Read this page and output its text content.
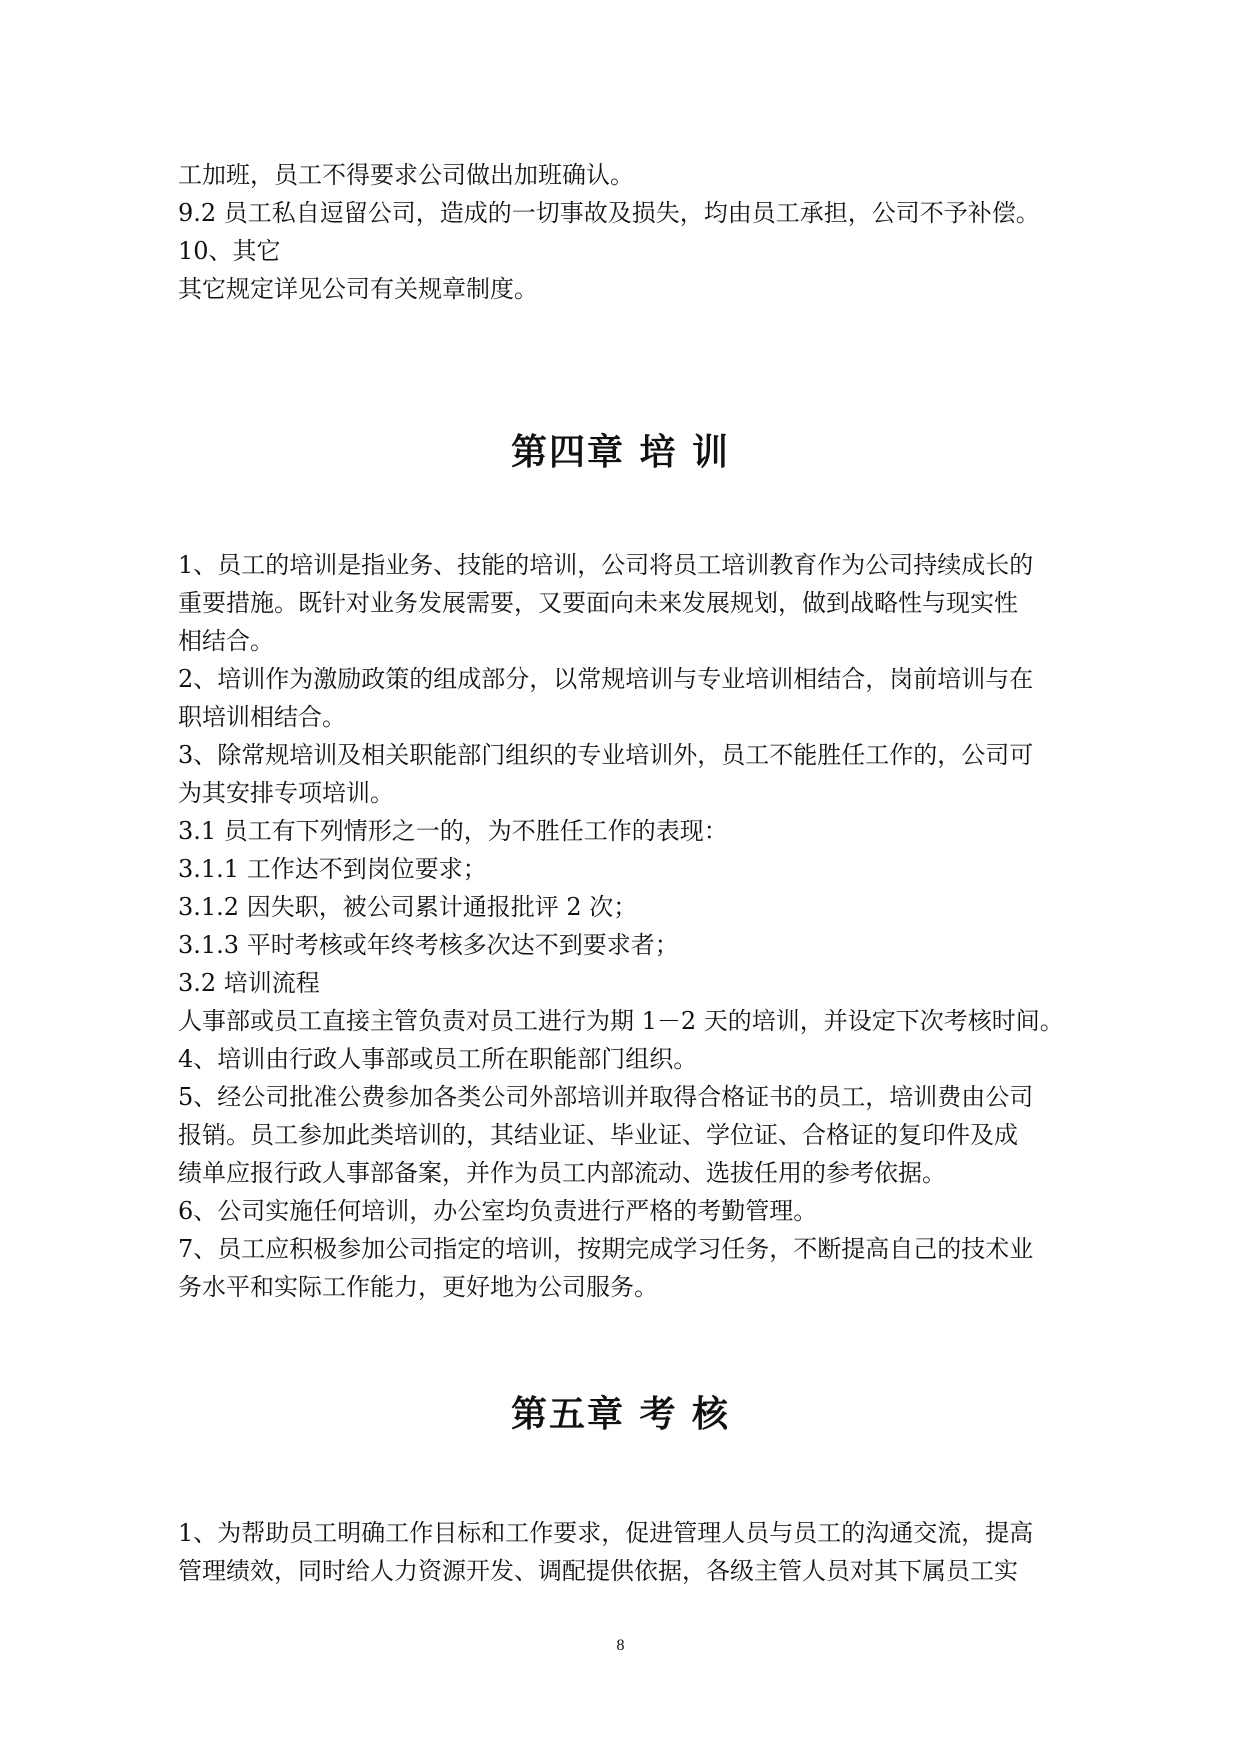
工加班，员工不得要求公司做出加班确认。

9.2 员工私自逗留公司，造成的一切事故及损失，均由员工承担，公司不予补偿。

10、其它

其它规定详见公司有关规章制度。

第四章 培 训

1、员工的培训是指业务、技能的培训，公司将员工培训教育作为公司持续成长的

重要措施。既针对业务发展需要，又要面向未来发展规划，做到战略性与现实性

相结合。

2、培训作为激励政策的组成部分，以常规培训与专业培训相结合，岗前培训与在

职培训相结合。

3、除常规培训及相关职能部门组织的专业培训外，员工不能胜任工作的，公司可

为其安排专项培训。

3.1 员工有下列情形之一的，为不胜任工作的表现：

3.1.1 工作达不到岗位要求；

3.1.2 因失职，被公司累计通报批评 2 次；

3.1.3 平时考核或年终考核多次达不到要求者；

3.2 培训流程

人事部或员工直接主管负责对员工进行为期 1－2 天的培训，并设定下次考核时间。

4、培训由行政人事部或员工所在职能部门组织。

5、经公司批准公费参加各类公司外部培训并取得合格证书的员工，培训费由公司

报销。员工参加此类培训的，其结业证、毕业证、学位证、合格证的复印件及成

绩单应报行政人事部备案，并作为员工内部流动、选拔任用的参考依据。

6、公司实施任何培训，办公室均负责进行严格的考勤管理。

7、员工应积极参加公司指定的培训，按期完成学习任务，不断提高自己的技术业

务水平和实际工作能力，更好地为公司服务。

第五章 考 核

1、为帮助员工明确工作目标和工作要求，促进管理人员与员工的沟通交流，提高

管理绩效，同时给人力资源开发、调配提供依据，各级主管人员对其下属员工实

8
